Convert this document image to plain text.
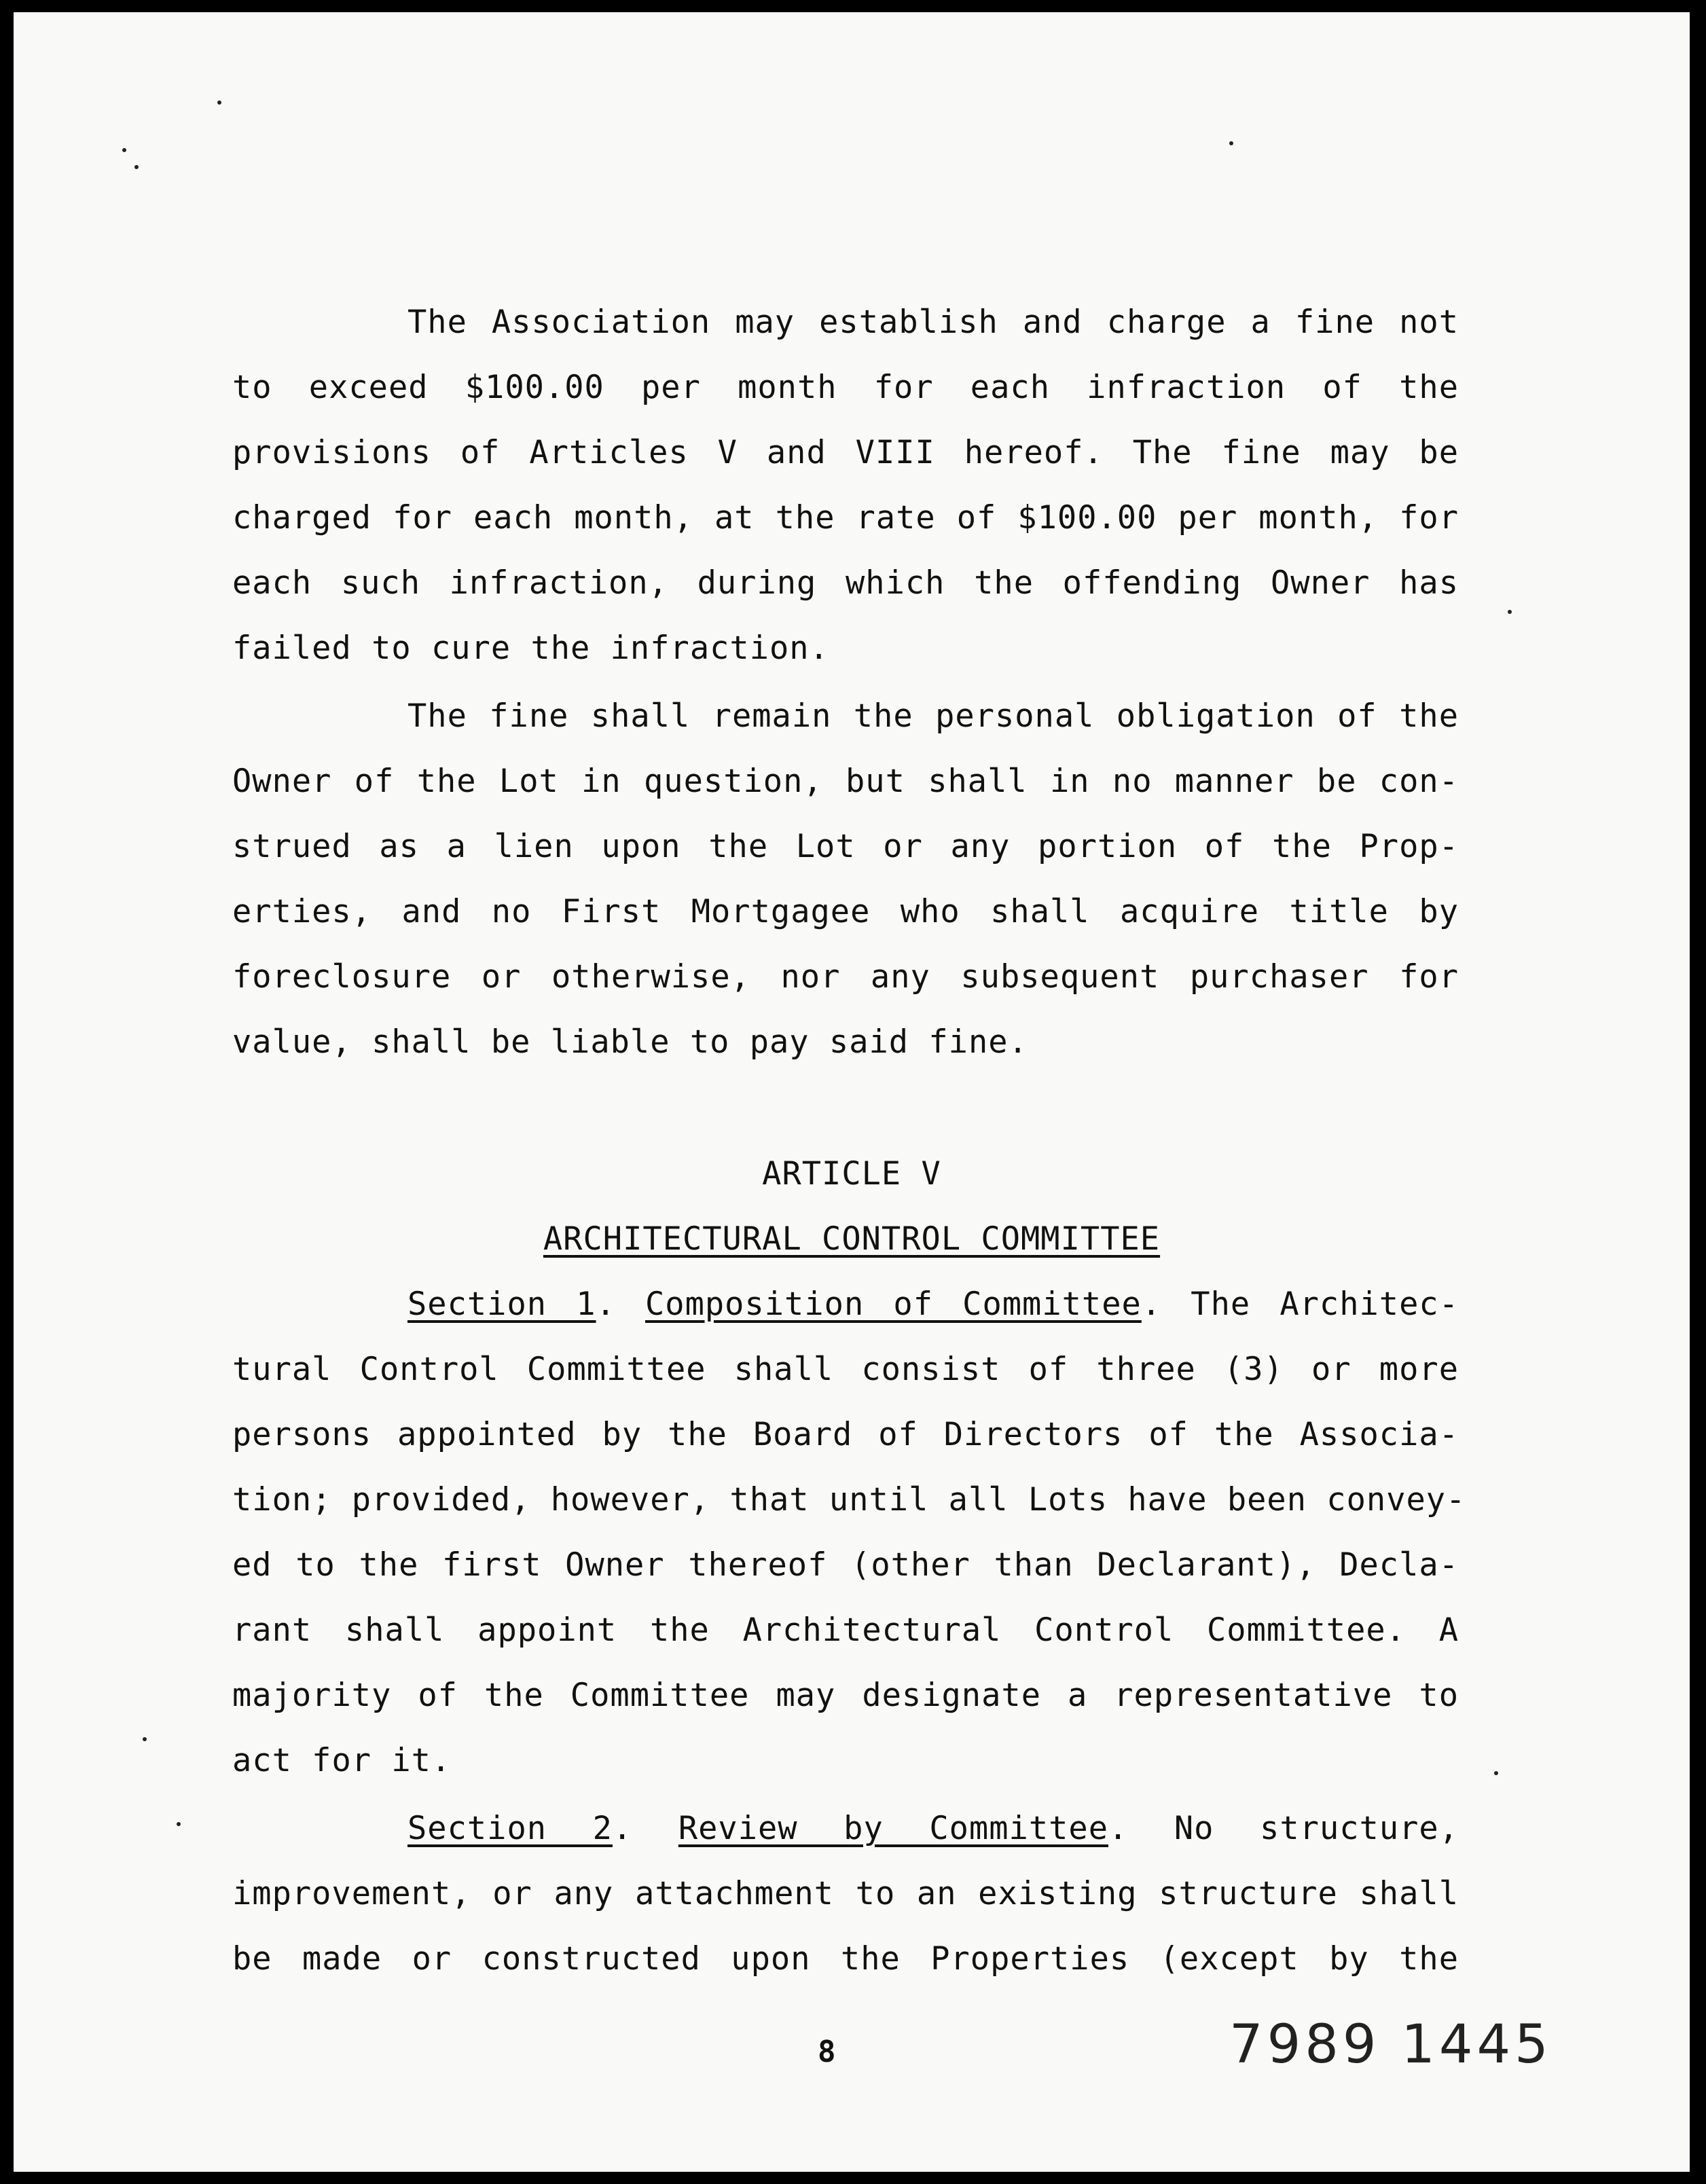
The Association may establish and charge a fine not
to exceed $100.00 per month for each infraction of the
provisions of Articles V and VIII hereof. The fine may be
charged for each month, at the rate of $100.00 per month, for
each such infraction, during which the offending Owner has
failed to cure the infraction.
The fine shall remain the personal obligation of the
Owner of the Lot in question, but shall in no manner be con-
strued as a lien upon the Lot or any portion of the Prop-
erties, and no First Mortgagee who shall acquire title by
foreclosure or otherwise, nor any subsequent purchaser for
value, shall be liable to pay said fine.
ARTICLE V
ARCHITECTURAL CONTROL COMMITTEE
Section 1. Composition of Committee. The Architec-
tural Control Committee shall consist of three (3) or more
persons appointed by the Board of Directors of the Associa-
tion; provided, however, that until all Lots have been convey-
ed to the first Owner thereof (other than Declarant), Decla-
rant shall appoint the Architectural Control Committee. A
majority of the Committee may designate a representative to
act for it.
Section 2. Review by Committee. No structure,
improvement, or any attachment to an existing structure shall
be made or constructed upon the Properties (except by the
8	7989 1445
